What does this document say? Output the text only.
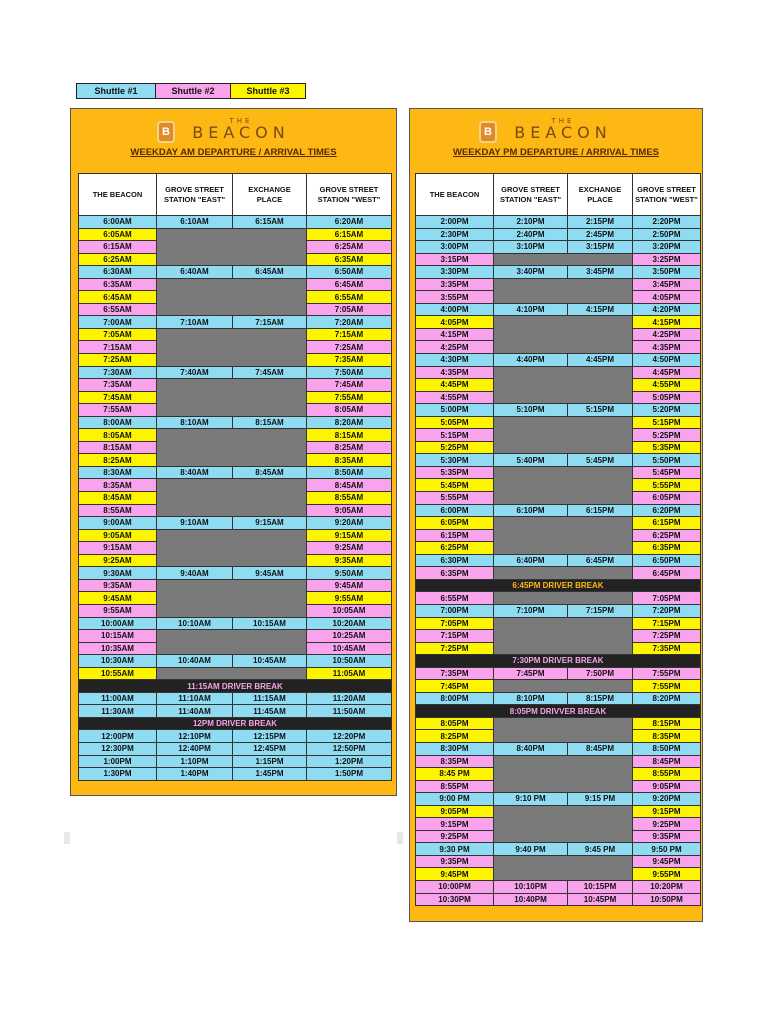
Shuttle #1	Shuttle #2	Shuttle #3
B
THE
BEACON
WEEKDAY AM DEPARTURE / ARRIVAL TIMES
THE BEACON	GROVE STREET STATION "EAST"	EXCHANGE PLACE	GROVE STREET STATION "WEST"
6:00AM	6:10AM	6:15AM	6:20AM
6:05AM			6:15AM
6:15AM			6:25AM
6:25AM			6:35AM
6:30AM	6:40AM	6:45AM	6:50AM
6:35AM			6:45AM
6:45AM			6:55AM
6:55AM			7:05AM
7:00AM	7:10AM	7:15AM	7:20AM
7:05AM			7:15AM
7:15AM			7:25AM
7:25AM			7:35AM
7:30AM	7:40AM	7:45AM	7:50AM
7:35AM			7:45AM
7:45AM			7:55AM
7:55AM			8:05AM
8:00AM	8:10AM	8:15AM	8:20AM
8:05AM			8:15AM
8:15AM			8:25AM
8:25AM			8:35AM
8:30AM	8:40AM	8:45AM	8:50AM
8:35AM			8:45AM
8:45AM			8:55AM
8:55AM			9:05AM
9:00AM	9:10AM	9:15AM	9:20AM
9:05AM			9:15AM
9:15AM			9:25AM
9:25AM			9:35AM
9:30AM	9:40AM	9:45AM	9:50AM
9:35AM			9:45AM
9:45AM			9:55AM
9:55AM			10:05AM
10:00AM	10:10AM	10:15AM	10:20AM
10:15AM			10:25AM
10:35AM			10:45AM
10:30AM	10:40AM	10:45AM	10:50AM
10:55AM			11:05AM
11:15AM DRIVER BREAK			
11:00AM	11:10AM	11:15AM	11:20AM
11:30AM	11:40AM	11:45AM	11:50AM
12PM DRIVER BREAK			
12:00PM	12:10PM	12:15PM	12:20PM
12:30PM	12:40PM	12:45PM	12:50PM
1:00PM	1:10PM	1:15PM	1:20PM
1:30PM	1:40PM	1:45PM	1:50PM
B
THE
BEACON
WEEKDAY PM DEPARTURE / ARRIVAL TIMES
THE BEACON	GROVE STREET STATION "EAST"	EXCHANGE PLACE	GROVE STREET STATION "WEST"
2:00PM	2:10PM	2:15PM	2:20PM
2:30PM	2:40PM	2:45PM	2:50PM
3:00PM	3:10PM	3:15PM	3:20PM
3:15PM			3:25PM
3:30PM	3:40PM	3:45PM	3:50PM
3:35PM			3:45PM
3:55PM			4:05PM
4:00PM	4:10PM	4:15PM	4:20PM
4:05PM			4:15PM
4:15PM			4:25PM
4:25PM			4:35PM
4:30PM	4:40PM	4:45PM	4:50PM
4:35PM			4:45PM
4:45PM			4:55PM
4:55PM			5:05PM
5:00PM	5:10PM	5:15PM	5:20PM
5:05PM			5:15PM
5:15PM			5:25PM
5:25PM			5:35PM
5:30PM	5:40PM	5:45PM	5:50PM
5:35PM			5:45PM
5:45PM			5:55PM
5:55PM			6:05PM
6:00PM	6:10PM	6:15PM	6:20PM
6:05PM			6:15PM
6:15PM			6:25PM
6:25PM			6:35PM
6:30PM	6:40PM	6:45PM	6:50PM
6:35PM			6:45PM
6:45PM DRIVER BREAK			
6:55PM			7:05PM
7:00PM	7:10PM	7:15PM	7:20PM
7:05PM			7:15PM
7:15PM			7:25PM
7:25PM			7:35PM
7:30PM DRIVER BREAK			
7:35PM	7:45PM	7:50PM	7:55PM
7:45PM			7:55PM
8:00PM	8:10PM	8:15PM	8:20PM
8:05PM DRIVVER BREAK			
8:05PM			8:15PM
8:25PM			8:35PM
8:30PM	8:40PM	8:45PM	8:50PM
8:35PM			8:45PM
8:45 PM			8:55PM
8:55PM			9:05PM
9:00 PM	9:10 PM	9:15 PM	9:20PM
9:05PM			9:15PM
9:15PM			9:25PM
9:25PM			9:35PM
9:30 PM	9:40 PM	9:45 PM	9:50 PM
9:35PM			9:45PM
9:45PM			9:55PM
10:00PM	10:10PM	10:15PM	10:20PM
10:30PM	10:40PM	10:45PM	10:50PM
